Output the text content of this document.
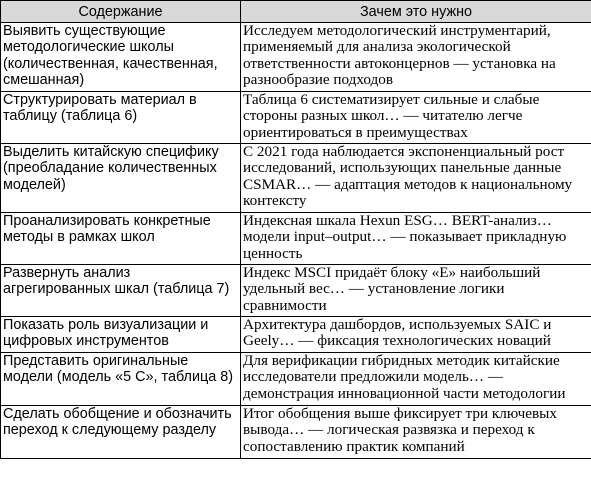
Содержание	Зачем это нужно
Выявить существующие методологические школы (количественная, качественная, смешанная)	Исследуем методологический инструментарий, применяемый для анализа экологической ответственности автоконцернов — установка на разнообразие подходов
Структурировать материал в таблицу (таблица 6)	Таблица 6 систематизирует сильные и слабые стороны разных школ… — читателю легче ориентироваться в преимуществах
Выделить китайскую специфику (преобладание количественных моделей)	С 2021 года наблюдается экспоненциальный рост исследований, использующих панельные данные CSMAR… — адаптация методов к национальному контексту
Проанализировать конкретные методы в рамках школ	Индексная шкала Hexun ESG… BERT-анализ… модели input–output… — показывает прикладную ценность
Развернуть анализ агрегированных шкал (таблица 7)	Индекс MSCI придаёт блоку «E» наибольший удельный вес… — установление логики сравнимости
Показать роль визуализации и цифровых инструментов	Архитектура дашбордов, используемых SAIC и Geely… — фиксация технологических новаций
Представить оригинальные модели (модель «5 С», таблица 8)	Для верификации гибридных методик китайские исследователи предложили модель… — демонстрация инновационной части методологии
Сделать обобщение и обозначить переход к следующему разделу	Итог обобщения выше фиксирует три ключевых вывода… — логическая развязка и переход к сопоставлению практик компаний
